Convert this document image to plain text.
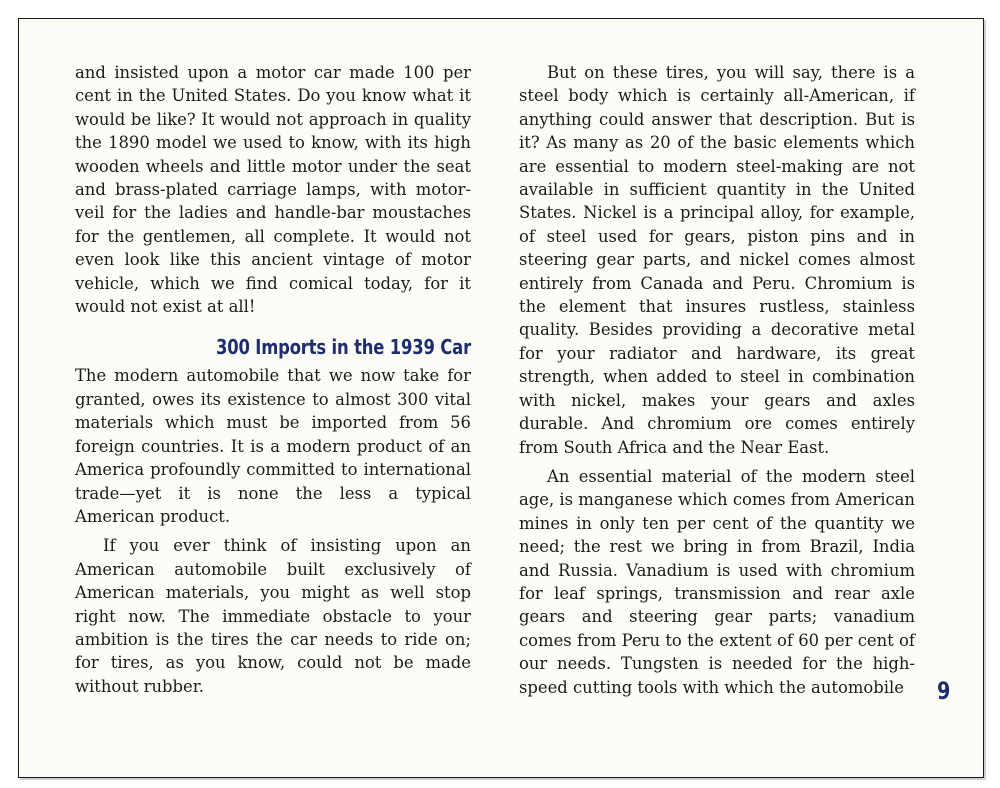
and insisted upon a motor car made 100 per cent in the United States. Do you know what it would be like? It would not approach in quality the 1890 model we used to know, with its high wooden wheels and little motor under the seat and brass-plated carriage lamps, with motor-veil for the ladies and handle-bar moustaches for the gentlemen, all complete. It would not even look like this ancient vintage of motor vehicle, which we find comical today, for it would not exist at all!

300 Imports in the 1939 Car

The modern automobile that we now take for granted, owes its existence to almost 300 vital materials which must be imported from 56 foreign countries. It is a modern product of an America profoundly committed to international trade—yet it is none the less a typical American product.

If you ever think of insisting upon an American automobile built exclusively of American materials, you might as well stop right now. The immediate obstacle to your ambition is the tires the car needs to ride on; for tires, as you know, could not be made without rubber.

But on these tires, you will say, there is a steel body which is certainly all-American, if anything could answer that description. But is it? As many as 20 of the basic elements which are essential to modern steel-making are not available in sufficient quantity in the United States. Nickel is a principal alloy, for example, of steel used for gears, piston pins and in steering gear parts, and nickel comes almost entirely from Canada and Peru. Chromium is the element that insures rustless, stainless quality. Besides providing a decorative metal for your radiator and hardware, its great strength, when added to steel in combination with nickel, makes your gears and axles durable. And chromium ore comes entirely from South Africa and the Near East.

An essential material of the modern steel age, is manganese which comes from American mines in only ten per cent of the quantity we need; the rest we bring in from Brazil, India and Russia. Vanadium is used with chromium for leaf springs, transmission and rear axle gears and steering gear parts; vanadium comes from Peru to the extent of 60 per cent of our needs. Tungsten is needed for the high-speed cutting tools with which the automobile	9
